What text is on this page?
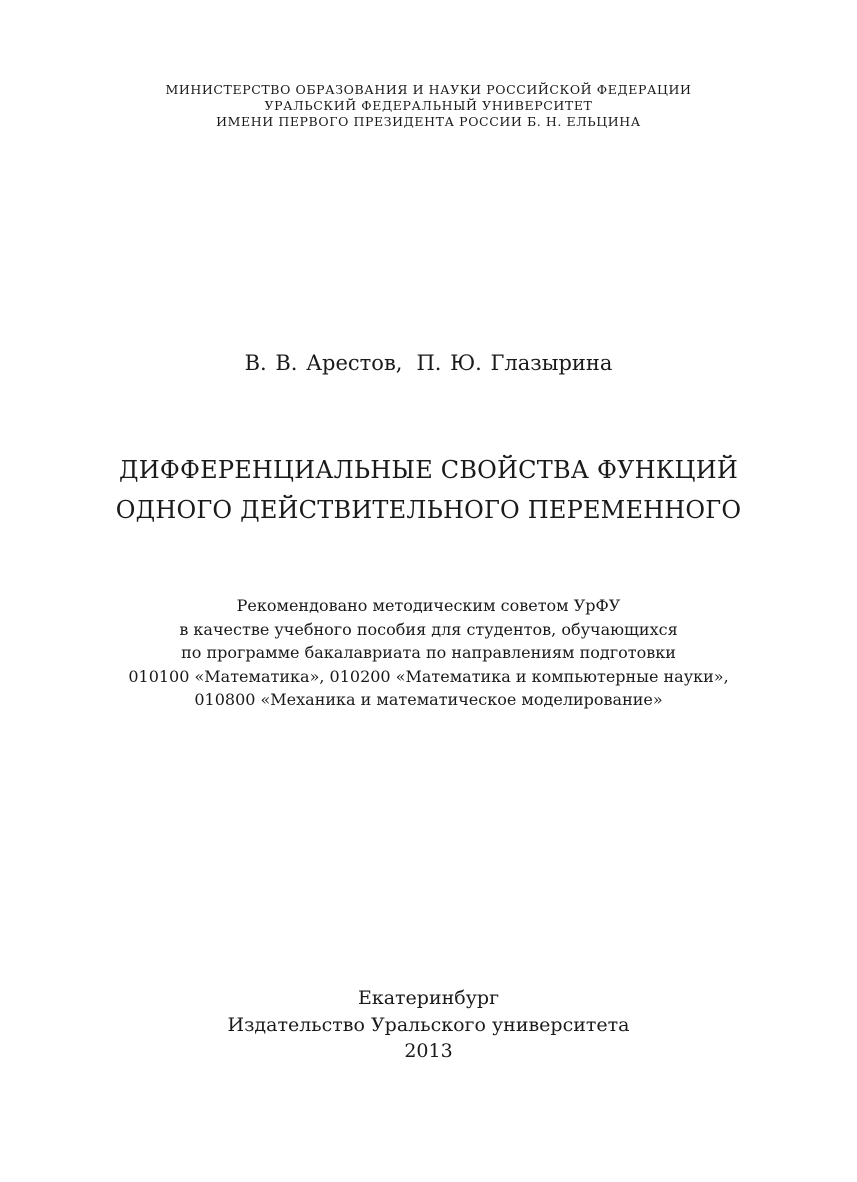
МИНИСТЕРСТВО ОБРАЗОВАНИЯ И НАУКИ РОССИЙСКОЙ ФЕДЕРАЦИИ
УРАЛЬСКИЙ ФЕДЕРАЛЬНЫЙ УНИВЕРСИТЕТ
ИМЕНИ ПЕРВОГО ПРЕЗИДЕНТА РОССИИ Б. Н. ЕЛЬЦИНА
В. В. Арестов, П. Ю. Глазырина
ДИФФЕРЕНЦИАЛЬНЫЕ СВОЙСТВА ФУНКЦИЙ
ОДНОГО ДЕЙСТВИТЕЛЬНОГО ПЕРЕМЕННОГО
Рекомендовано методическим советом УрФУ
в качестве учебного пособия для студентов, обучающихся
по программе бакалавриата по направлениям подготовки
010100 «Математика», 010200 «Математика и компьютерные науки»,
010800 «Механика и математическое моделирование»
Екатеринбург
Издательство Уральского университета
2013
